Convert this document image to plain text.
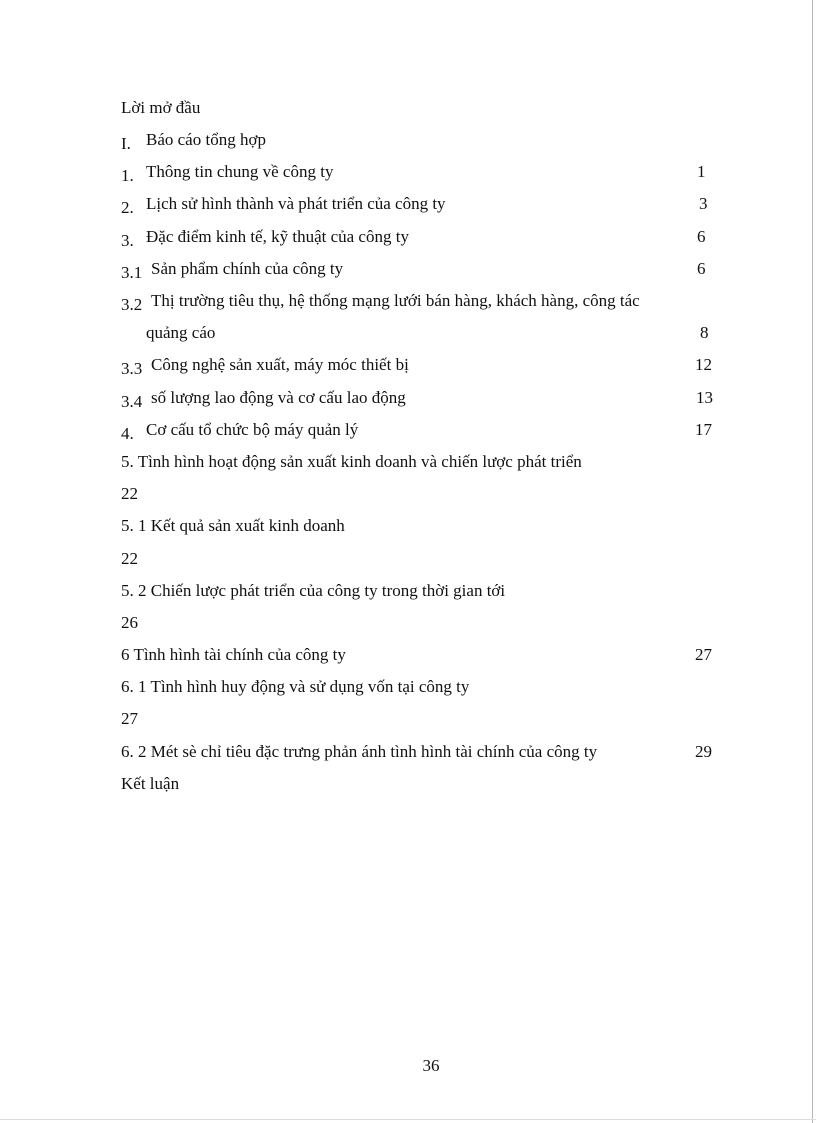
Lời mở đầu
I. Báo cáo tổng hợp
1. Thông tin chung về công ty	1
2. Lịch sử hình thành và phát triển của công ty	3
3. Đặc điểm kinh tế, kỹ thuật của công ty	6
3.1 Sản phẩm chính của công ty	6
3.2 Thị trường tiêu thụ, hệ thống mạng lưới bán hàng, khách hàng, công tác
quảng cáo	8
3.3 Công nghệ sản xuất, máy móc thiết bị	12
3.4 số lượng lao động và cơ cấu lao động	13
4. Cơ cấu tổ chức bộ máy quản lý	17
5. Tình hình hoạt động sản xuất kinh doanh và chiến lược phát triển
22
5. 1 Kết quả sản xuất kinh doanh
22
5. 2 Chiến lược phát triển của công ty trong thời gian tới
26
6 Tình hình tài chính của công ty	27
6. 1 Tình hình huy động và sử dụng vốn tại công ty
27
6. 2 Mét sè chỉ tiêu đặc trưng phản ánh tình hình tài chính của công ty	29
Kết luận
36
